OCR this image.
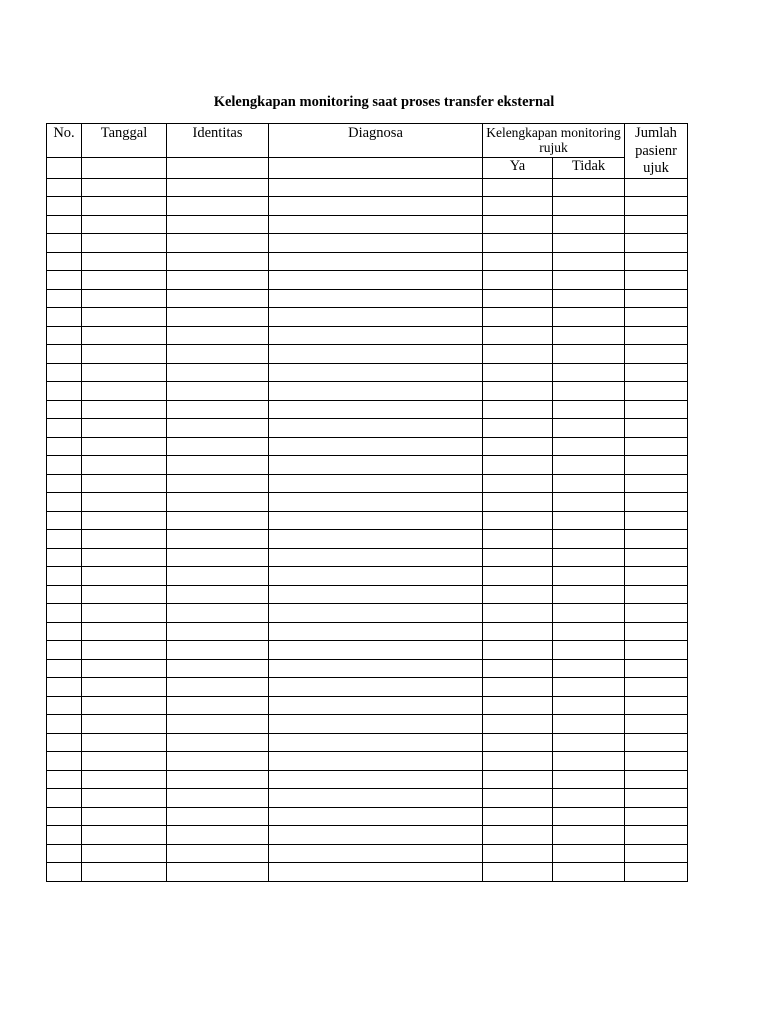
Kelengkapan monitoring saat proses transfer eksternal
No.	Tanggal	Identitas	Diagnosa	Kelengkapan monitoring rujuk		Jumlah pasienr ujuk
				Ya	Tidak	
